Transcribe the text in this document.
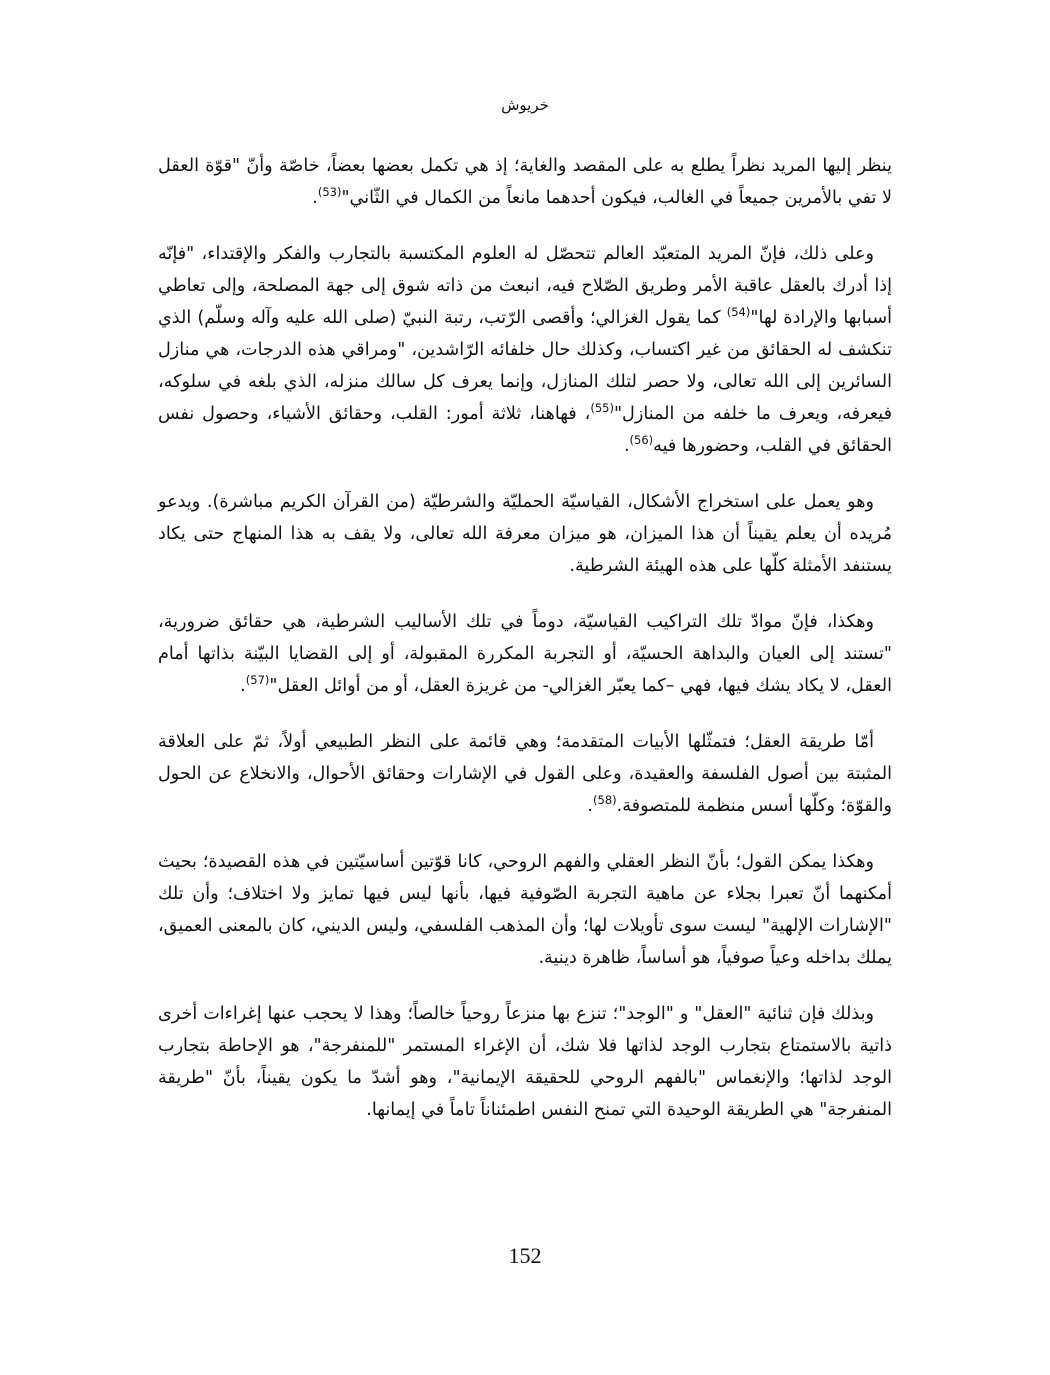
خريوش

ينظر إليها المريد نظراً يطلع به على المقصد والغاية؛ إذ هي تكمل بعضها بعضاً، خاصّة وأنّ "قوّة العقل لا تفي بالأمرين جميعاً في الغالب، فيكون أحدهما مانعاً من الكمال في الثّاني"$^{(53)}$.

وعلى ذلك، فإنّ المريد المتعبّد العالم تتحصّل له العلوم المكتسبة بالتجارب والفكر والإقتداء، "فإنّه إذا أدرك بالعقل عاقبة الأمر وطريق الصّلاح فيه، انبعث من ذاته شوق إلى جهة المصلحة، وإلى تعاطي أسبابها والإرادة لها"$^{(54)}$ كما يقول الغزالي؛ وأقصى الرّتب، رتبة النبيّ (صلى الله عليه وآله وسلّم) الذي تنكشف له الحقائق من غير اكتساب، وكذلك حال خلفائه الرّاشدين، "ومراقي هذه الدرجات، هي منازل السائرين إلى الله تعالى، ولا حصر لتلك المنازل، وإنما يعرف كل سالك منزله، الذي بلغه في سلوكه، فيعرفه، ويعرف ما خلفه من المنازل"$^{(55)}$، فهاهنا، ثلاثة أمور: القلب، وحقائق الأشياء، وحصول نفس الحقائق في القلب، وحضورها فيه$^{(56)}$.

وهو يعمل على استخراج الأشكال، القياسيّة الحمليّة والشرطيّة (من القرآن الكريم مباشرة). ويدعو مُريده أن يعلم يقيناً أن هذا الميزان، هو ميزان معرفة الله تعالى، ولا يقف به هذا المنهاج حتى يكاد يستنفد الأمثلة كلّها على هذه الهيئة الشرطية.

وهكذا، فإنّ موادّ تلك التراكيب القياسيّة، دوماً في تلك الأساليب الشرطية، هي حقائق ضرورية، "تستند إلى العيان والبداهة الحسيّة، أو التجربة المكررة المقبولة، أو إلى القضايا البيّنة بذاتها أمام العقل، لا يكاد يشك فيها، فهي –كما يعبّر الغزالي- من غريزة العقل، أو من أوائل العقل"$^{(57)}$.

أمّا طريقة العقل؛ فتمثّلها الأبيات المتقدمة؛ وهي قائمة على النظر الطبيعي أولاً، ثمّ على العلاقة المثبتة بين أصول الفلسفة والعقيدة، وعلى القول في الإشارات وحقائق الأحوال، والانخلاع عن الحول والقوّة؛ وكلّها أسس منظمة للمتصوفة.$^{(58)}$.

وهكذا يمكن القول؛ بأنّ النظر العقلي والفهم الروحي، كانا قوّتين أساسيّتين في هذه القصيدة؛ بحيث أمكنهما أنّ تعبرا بجلاء عن ماهية التجربة الصّوفية فيها، بأنها ليس فيها تمايز ولا اختلاف؛ وأن تلك "الإشارات الإلهية" ليست سوى تأويلات لها؛ وأن المذهب الفلسفي، وليس الديني، كان بالمعنى العميق، يملك بداخله وعياً صوفياً، هو أساساً، ظاهرة دينية.

وبذلك فإن ثنائية "العقل" و "الوجد"؛ تنزع بها منزعاً روحياً خالصاً؛ وهذا لا يحجب عنها إغراءات أخرى ذاتية بالاستمتاع بتجارب الوجد لذاتها فلا شك، أن الإغراء المستمر "للمنفرجة"، هو الإحاطة بتجارب الوجد لذاتها؛ والإنغماس "بالفهم الروحي للحقيقة الإيمانية"، وهو أشدّ ما يكون يقيناً، بأنّ "طريقة المنفرجة" هي الطريقة الوحيدة التي تمنح النفس اطمئناناً تاماً في إيمانها.

152
